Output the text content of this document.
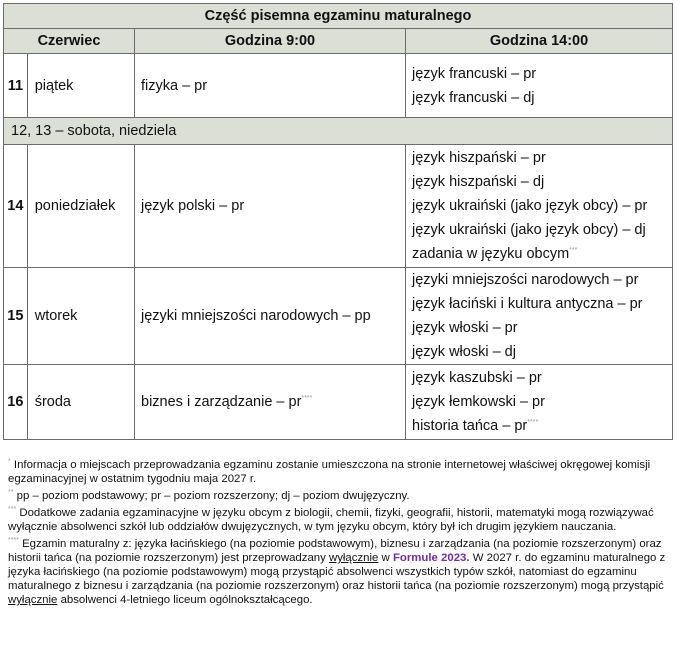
Część pisemna egzaminu maturalnego			
Czerwiec		Godzina 9:00	Godzina 14:00
11	piątek	fizyka – pr	język francuski – pr
język francuski – dj

12, 13 – sobota, niedziela			
14	poniedziałek	język polski – pr	język hiszpański – pr
język hiszpański – dj
język ukraiński (jako język obcy) – pr
język ukraiński (jako język obcy) – dj
zadania w języku obcym***

15	wtorek	języki mniejszości narodowych – pp	języki mniejszości narodowych – pr
język łaciński i kultura antyczna – pr
język włoski – pr
język włoski – dj

16	środa	biznes i zarządzanie – pr****	język kaszubski – pr
język łemkowski – pr
historia tańca – pr****

* Informacja o miejscach przeprowadzania egzaminu zostanie umieszczona na stronie internetowej właściwej okręgowej komisji egzaminacyjnej w ostatnim tygodniu maja 2027 r.

** pp – poziom podstawowy; pr – poziom rozszerzony; dj – poziom dwujęzyczny.

*** Dodatkowe zadania egzaminacyjne w języku obcym z biologii, chemii, fizyki, geografii, historii, matematyki mogą rozwiązywać wyłącznie absolwenci szkół lub oddziałów dwujęzycznych, w tym języku obcym, który był ich drugim językiem nauczania.

**** Egzamin maturalny z: języka łacińskiego (na poziomie podstawowym), biznesu i zarządzania (na poziomie rozszerzonym) oraz historii tańca (na poziomie rozszerzonym) jest przeprowadzany wyłącznie w Formule 2023. W 2027 r. do egzaminu maturalnego z języka łacińskiego (na poziomie podstawowym) mogą przystąpić absolwenci wszystkich typów szkół, natomiast do egzaminu maturalnego z biznesu i zarządzania (na poziomie rozszerzonym) oraz historii tańca (na poziomie rozszerzonym) mogą przystąpić wyłącznie absolwenci 4-letniego liceum ogólnokształcącego.
